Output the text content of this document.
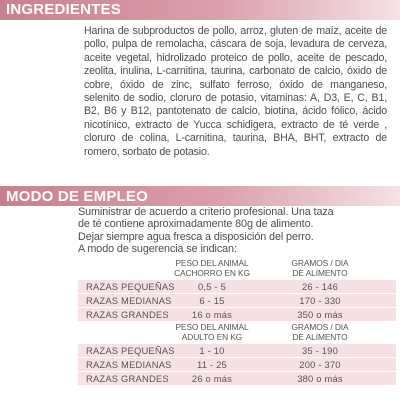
INGREDIENTES
Harina de subproductos de pollo, arroz, gluten de maíz, aceite de pollo, pulpa de remolacha, cáscara de soja, levadura de cerveza, aceite vegetal, hidrolizado proteico de pollo, aceite de pescado, zeolita, inulina, L-carnitina, taurina, carbonato de calcio, óxido de cobre, óxido de zinc, sulfato ferroso, óxido de manganeso, selenito de sodio, cloruro de potasio, vitaminas: A, D3, E, C, B1, B2, B6 y B12, pantotenato de calcio, biotina, ácido fólico, ácido nicotínico, extracto de Yucca schidigera, extracto de té verde , cloruro de colina, L-carnitina, taurina, BHA, BHT, extracto de romero, sorbato de potasio.
MODO DE EMPLEO
Suministrar de acuerdo a criterio profesional. Una taza
de té contiene aproximadamente 80g de alimento.
Dejar siempre agua fresca a disposición del perro.
A modo de sugerencia se indican:
PESO DEL ANIMAL
CACHORRO EN KG
GRAMOS / DIA
DE ALIMENTO
RAZAS PEQUEÑAS	0,5 - 5	26 - 146
RAZAS MEDIANAS	6 - 15	170 - 330
RAZAS GRANDES	16 o más	350 o más
PESO DEL ANIMAL
ADULTO EN KG
GRAMOS / DIA
DE ALIMENTO
RAZAS PEQUEÑAS	1 - 10	35 - 190
RAZAS MEDIANAS	11 - 25	200 - 370
RAZAS GRANDES	26 o más	380 o más
